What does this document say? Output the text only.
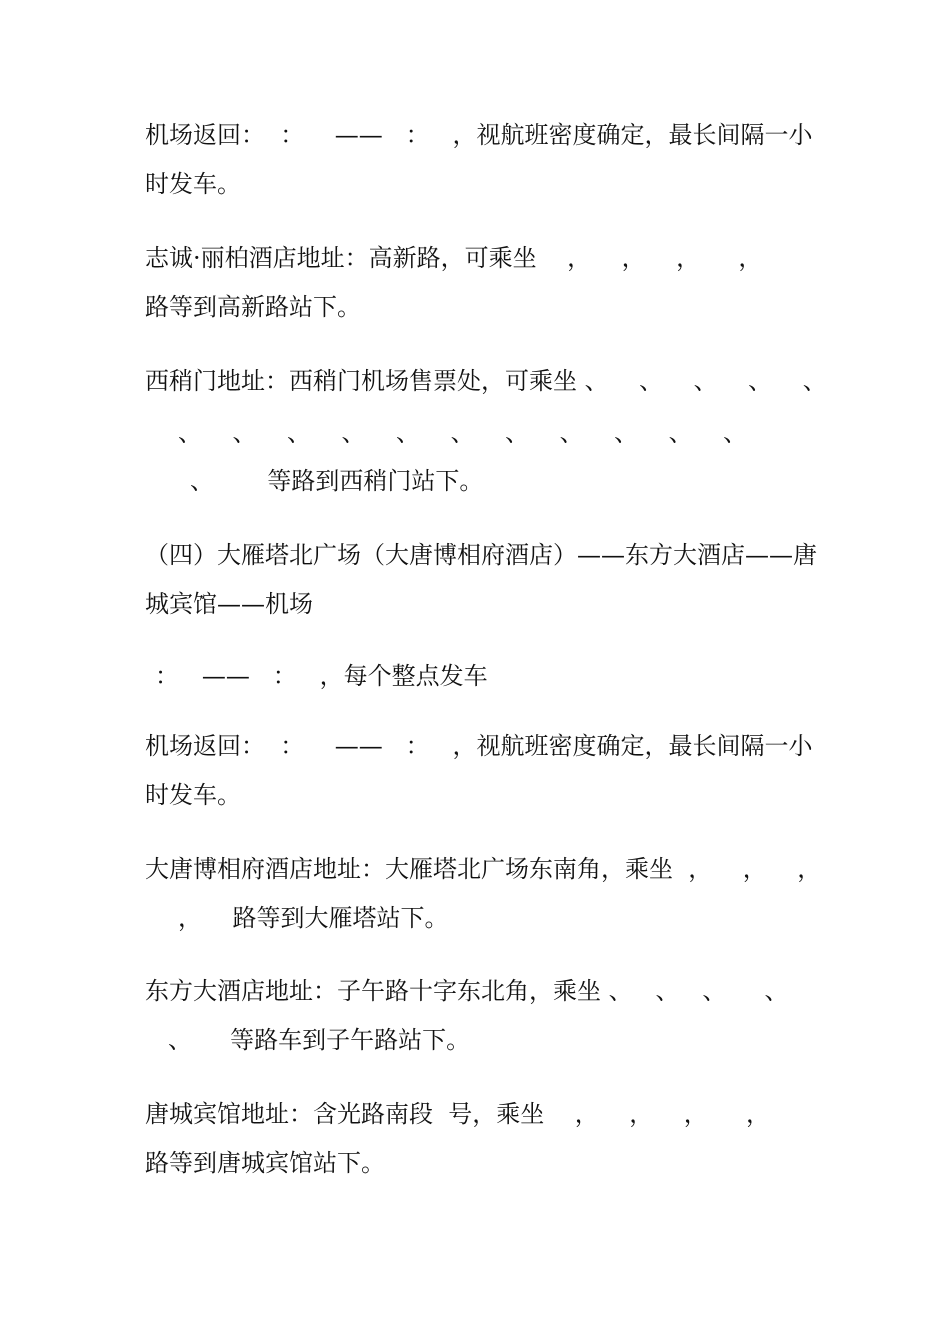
机场返回：  ：    ——   ：   ，视航班密度确定，最长间隔一小
时发车。
志诚·丽柏酒店地址：高新路，可乘坐    ，    ，    ，     ，
路等到高新路站下。
西稍门地址：西稍门机场售票处，可乘坐 、    、    、    、    、
、    、    、    、    、    、    、    、    、    、    、
、       等路到西稍门站下。
（四）大雁塔北广场（大唐博相府酒店）——东方大酒店——唐
城宾馆——机场
：   ——   ：   ，每个整点发车
机场返回：  ：    ——   ：   ，视航班密度确定，最长间隔一小
时发车。
大唐博相府酒店地址：大雁塔北广场东南角，乘坐  ，    ，    ，
，    路等到大雁塔站下。
东方大酒店地址：子午路十字东北角，乘坐 、   、   、     、
、     等路车到子午路站下。
唐城宾馆地址：含光路南段  号，乘坐    ，    ，    ，     ，
路等到唐城宾馆站下。
